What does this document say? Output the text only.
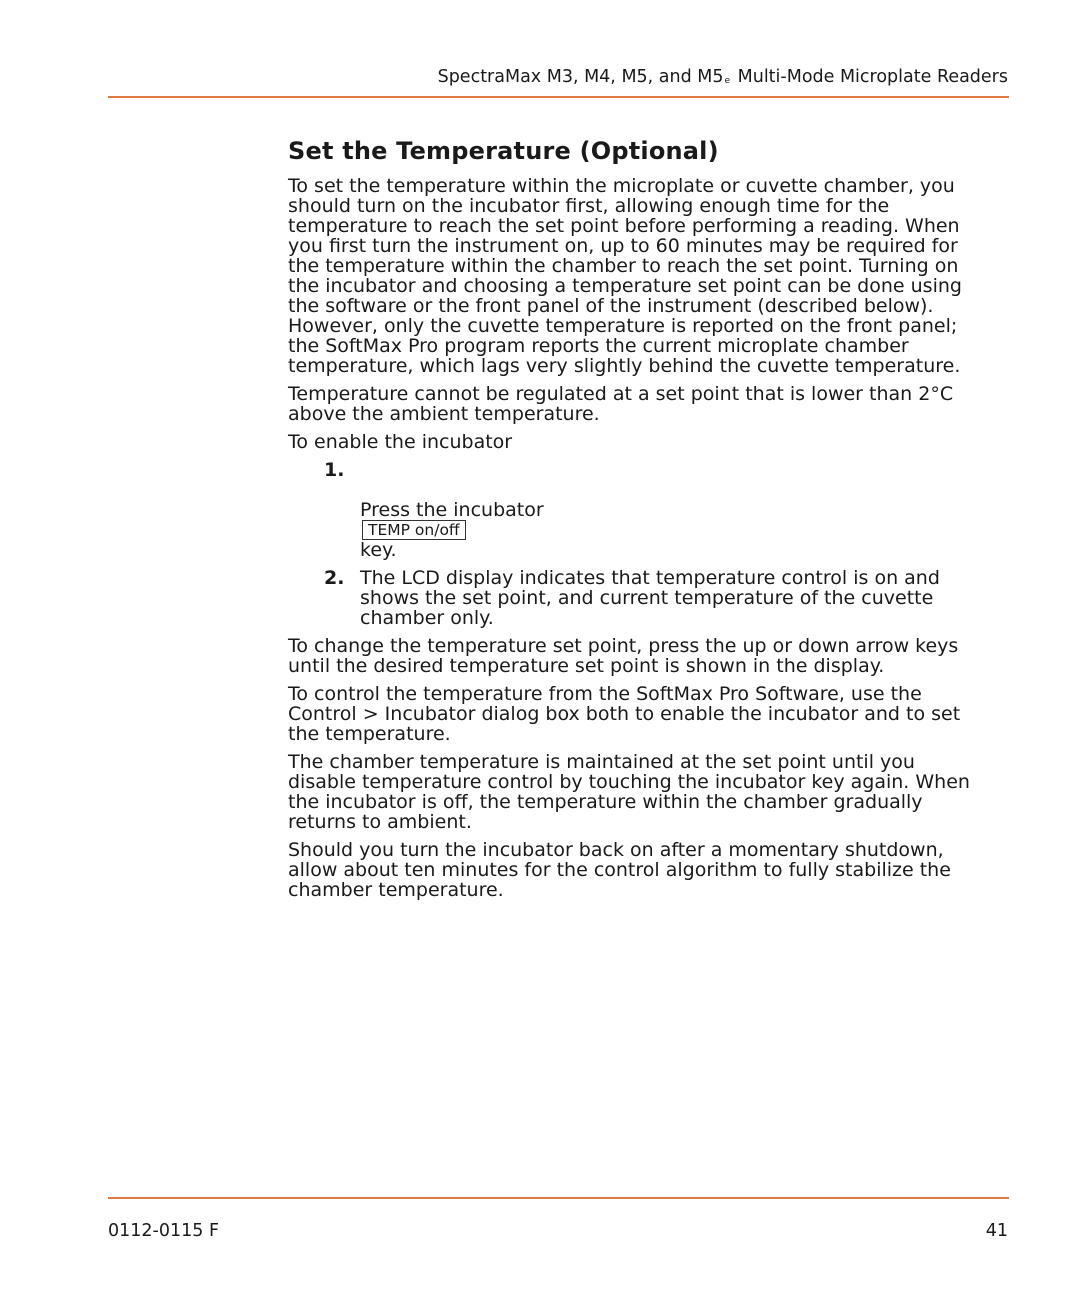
SpectraMax M3, M4, M5, and M5e Multi-Mode Microplate Readers
Set the Temperature (Optional)

To set the temperature within the microplate or cuvette chamber, you
should turn on the incubator first, allowing enough time for the
temperature to reach the set point before performing a reading. When
you first turn the instrument on, up to 60 minutes may be required for
the temperature within the chamber to reach the set point. Turning on
the incubator and choosing a temperature set point can be done using
the software or the front panel of the instrument (described below).
However, only the cuvette temperature is reported on the front panel;
the SoftMax Pro program reports the current microplate chamber
temperature, which lags very slightly behind the cuvette temperature.

Temperature cannot be regulated at a set point that is lower than 2°C
above the ambient temperature.

To enable the incubator

1.

Press the incubator
TEMP on/off
key.

2. The LCD display indicates that temperature control is on and
shows the set point, and current temperature of the cuvette
chamber only.

To change the temperature set point, press the up or down arrow keys
until the desired temperature set point is shown in the display.

To control the temperature from the SoftMax Pro Software, use the
Control > Incubator dialog box both to enable the incubator and to set
the temperature.

The chamber temperature is maintained at the set point until you
disable temperature control by touching the incubator key again. When
the incubator is off, the temperature within the chamber gradually
returns to ambient.

Should you turn the incubator back on after a momentary shutdown,
allow about ten minutes for the control algorithm to fully stabilize the
chamber temperature.

0112-0115 F	41
